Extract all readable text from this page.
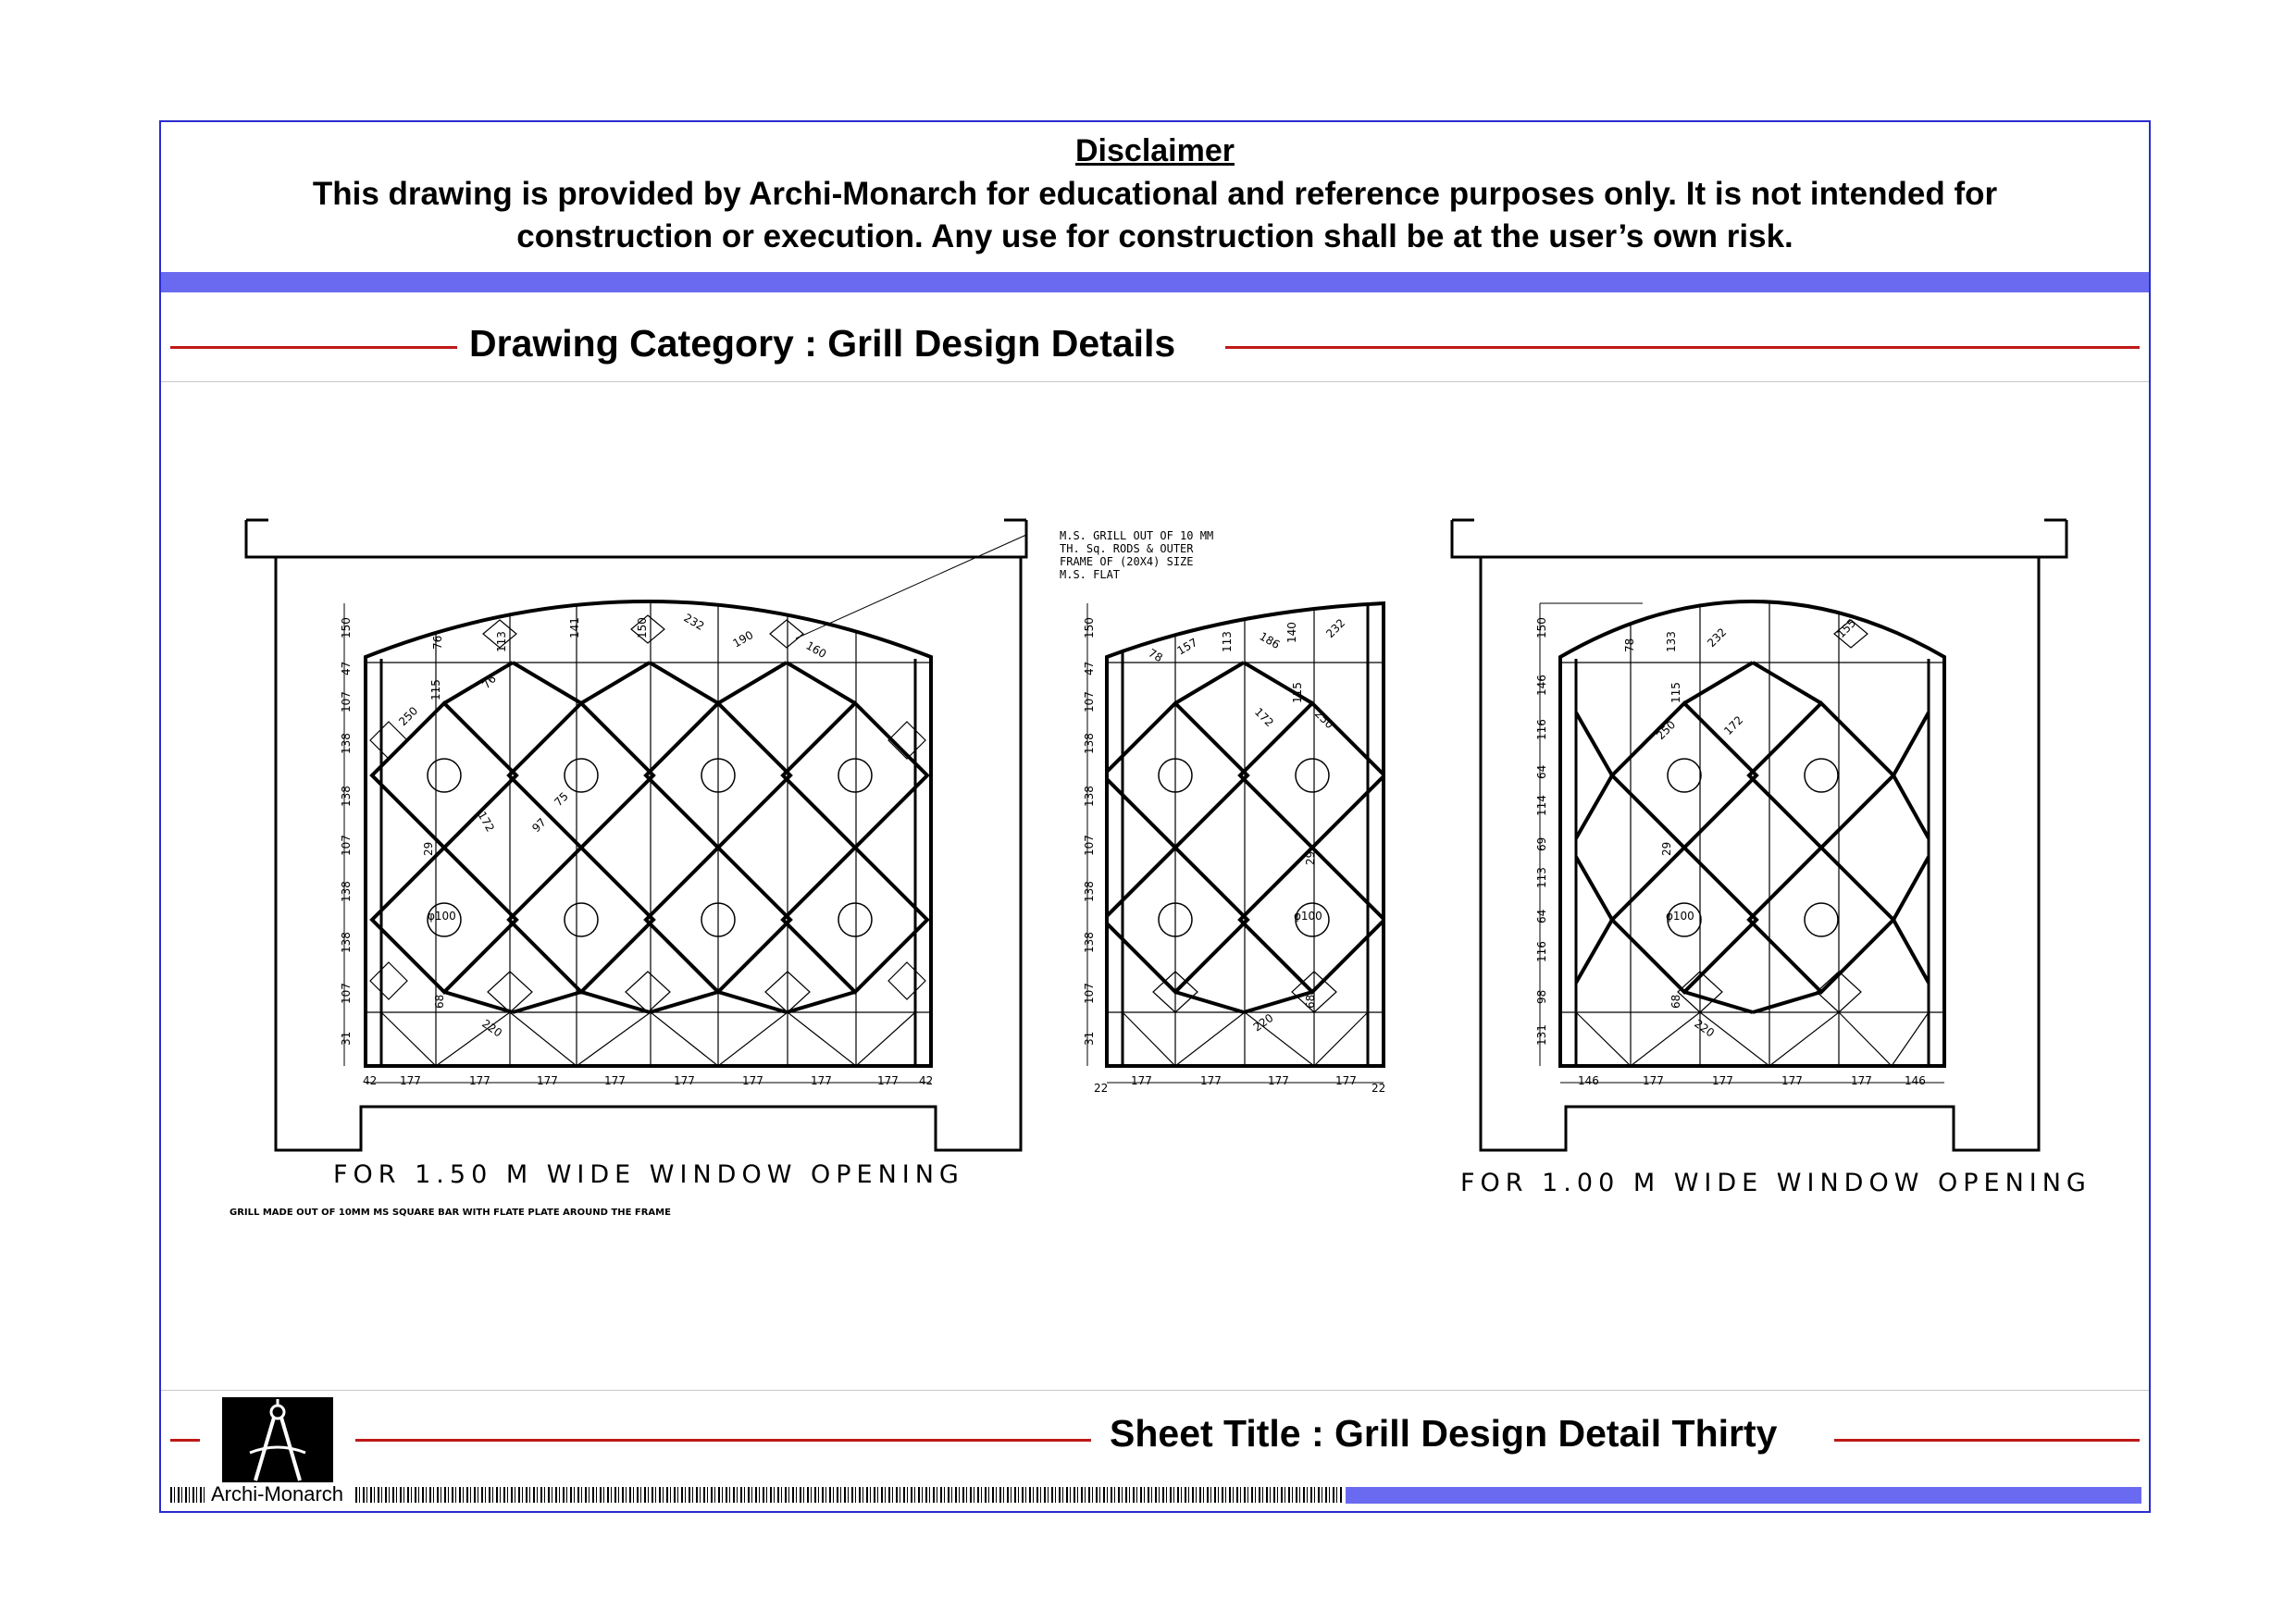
Disclaimer
This drawing is provided by Archi-Monarch for educational and reference purposes only. It is not intended for
construction or execution. Any use for construction shall be at the user’s own risk.
Drawing Category : Grill Design Details
Archi-Monarch
Sheet Title : Grill Design Detail Thirty
M.S. GRILL OUT OF 10 MM
TH. Sq. RODS & OUTER
FRAME OF (20X4) SIZE
M.S. FLAT
FOR 1.50 M WIDE WINDOW OPENING	FOR 1.00 M WIDE WINDOW OPENING
GRILL MADE OUT OF 10MM MS SQUARE BAR WITH FLATE PLATE AROUND THE FRAME
42 177	177	177	177	177	177	177	177 42
22
177	177	177	177
22
146	177	177	177	177	146
150
47
107
138
138
107
138
138
107
31
150
47
107
138
138
107
138
138
107
31
150
146
116
64
114
69
113
64
116
98
131
φ100
220
68
29
250
172	97
75
115	76
76	113
141	150	232
190	160	78 157 113 186 140 232
115
172	250
φ100
29
220
68
78	133 232	155
115
250	172
φ100
29
220
68
